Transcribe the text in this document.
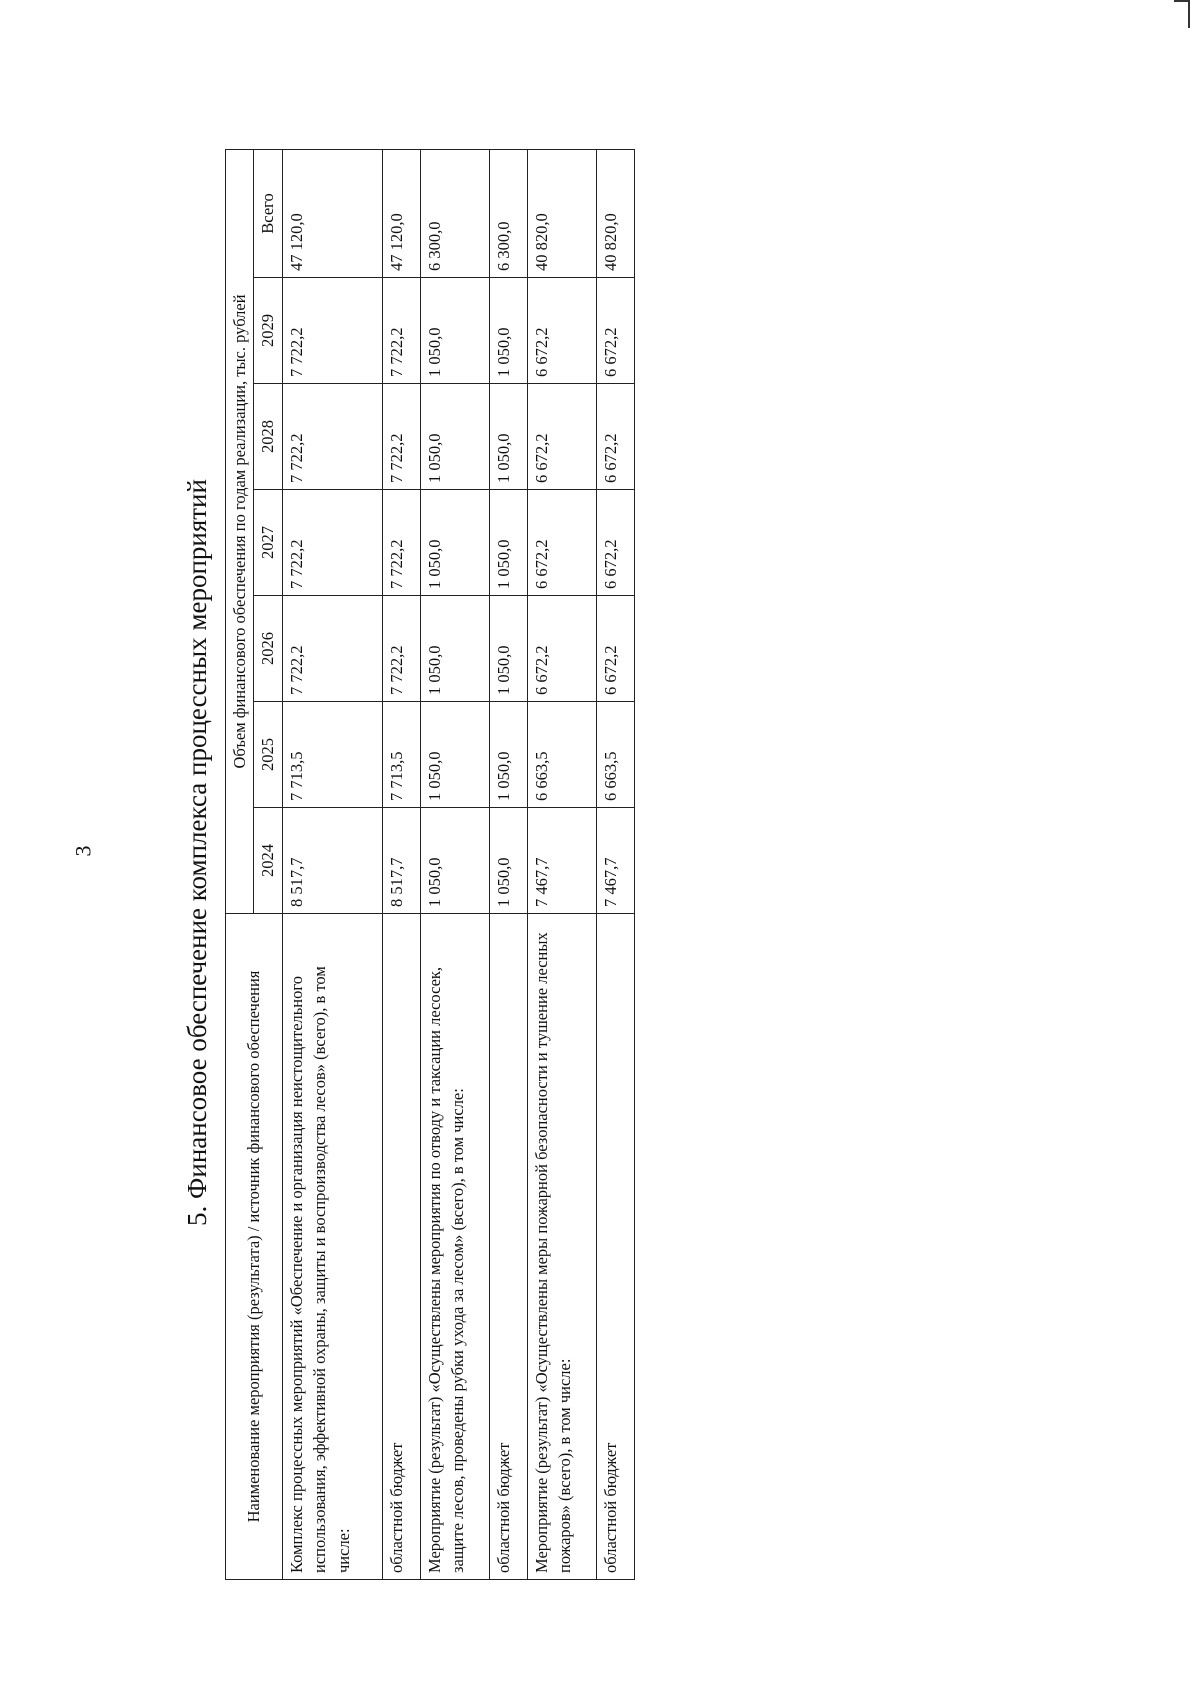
3	5. Финансовое обеспечение комплекса процессных мероприятий
Наименование мероприятия (результата) / источник финансового обеспечения	Объем финансового обеспечения по годам реализации, тыс. рублей						
	2024	2025	2026	2027	2028	2029	Всего
Комплекс процессных мероприятий «Обеспечение и организация неистощительного использования, эффективной охраны, защиты и воспроизводства лесов» (всего), в том числе:	8 517,7	7 713,5	7 722,2	7 722,2	7 722,2	7 722,2	47 120,0
областной бюджет	8 517,7	7 713,5	7 722,2	7 722,2	7 722,2	7 722,2	47 120,0
Мероприятие (результат) «Осуществлены мероприятия по отводу и таксации лесосек, защите лесов, проведены рубки ухода за лесом» (всего), в том числе:	1 050,0	1 050,0	1 050,0	1 050,0	1 050,0	1 050,0	6 300,0
областной бюджет	1 050,0	1 050,0	1 050,0	1 050,0	1 050,0	1 050,0	6 300,0
Мероприятие (результат) «Осуществлены меры пожарной безопасности и тушение лесных пожаров» (всего), в том числе:	7 467,7	6 663,5	6 672,2	6 672,2	6 672,2	6 672,2	40 820,0
областной бюджет	7 467,7	6 663,5	6 672,2	6 672,2	6 672,2	6 672,2	40 820,0
